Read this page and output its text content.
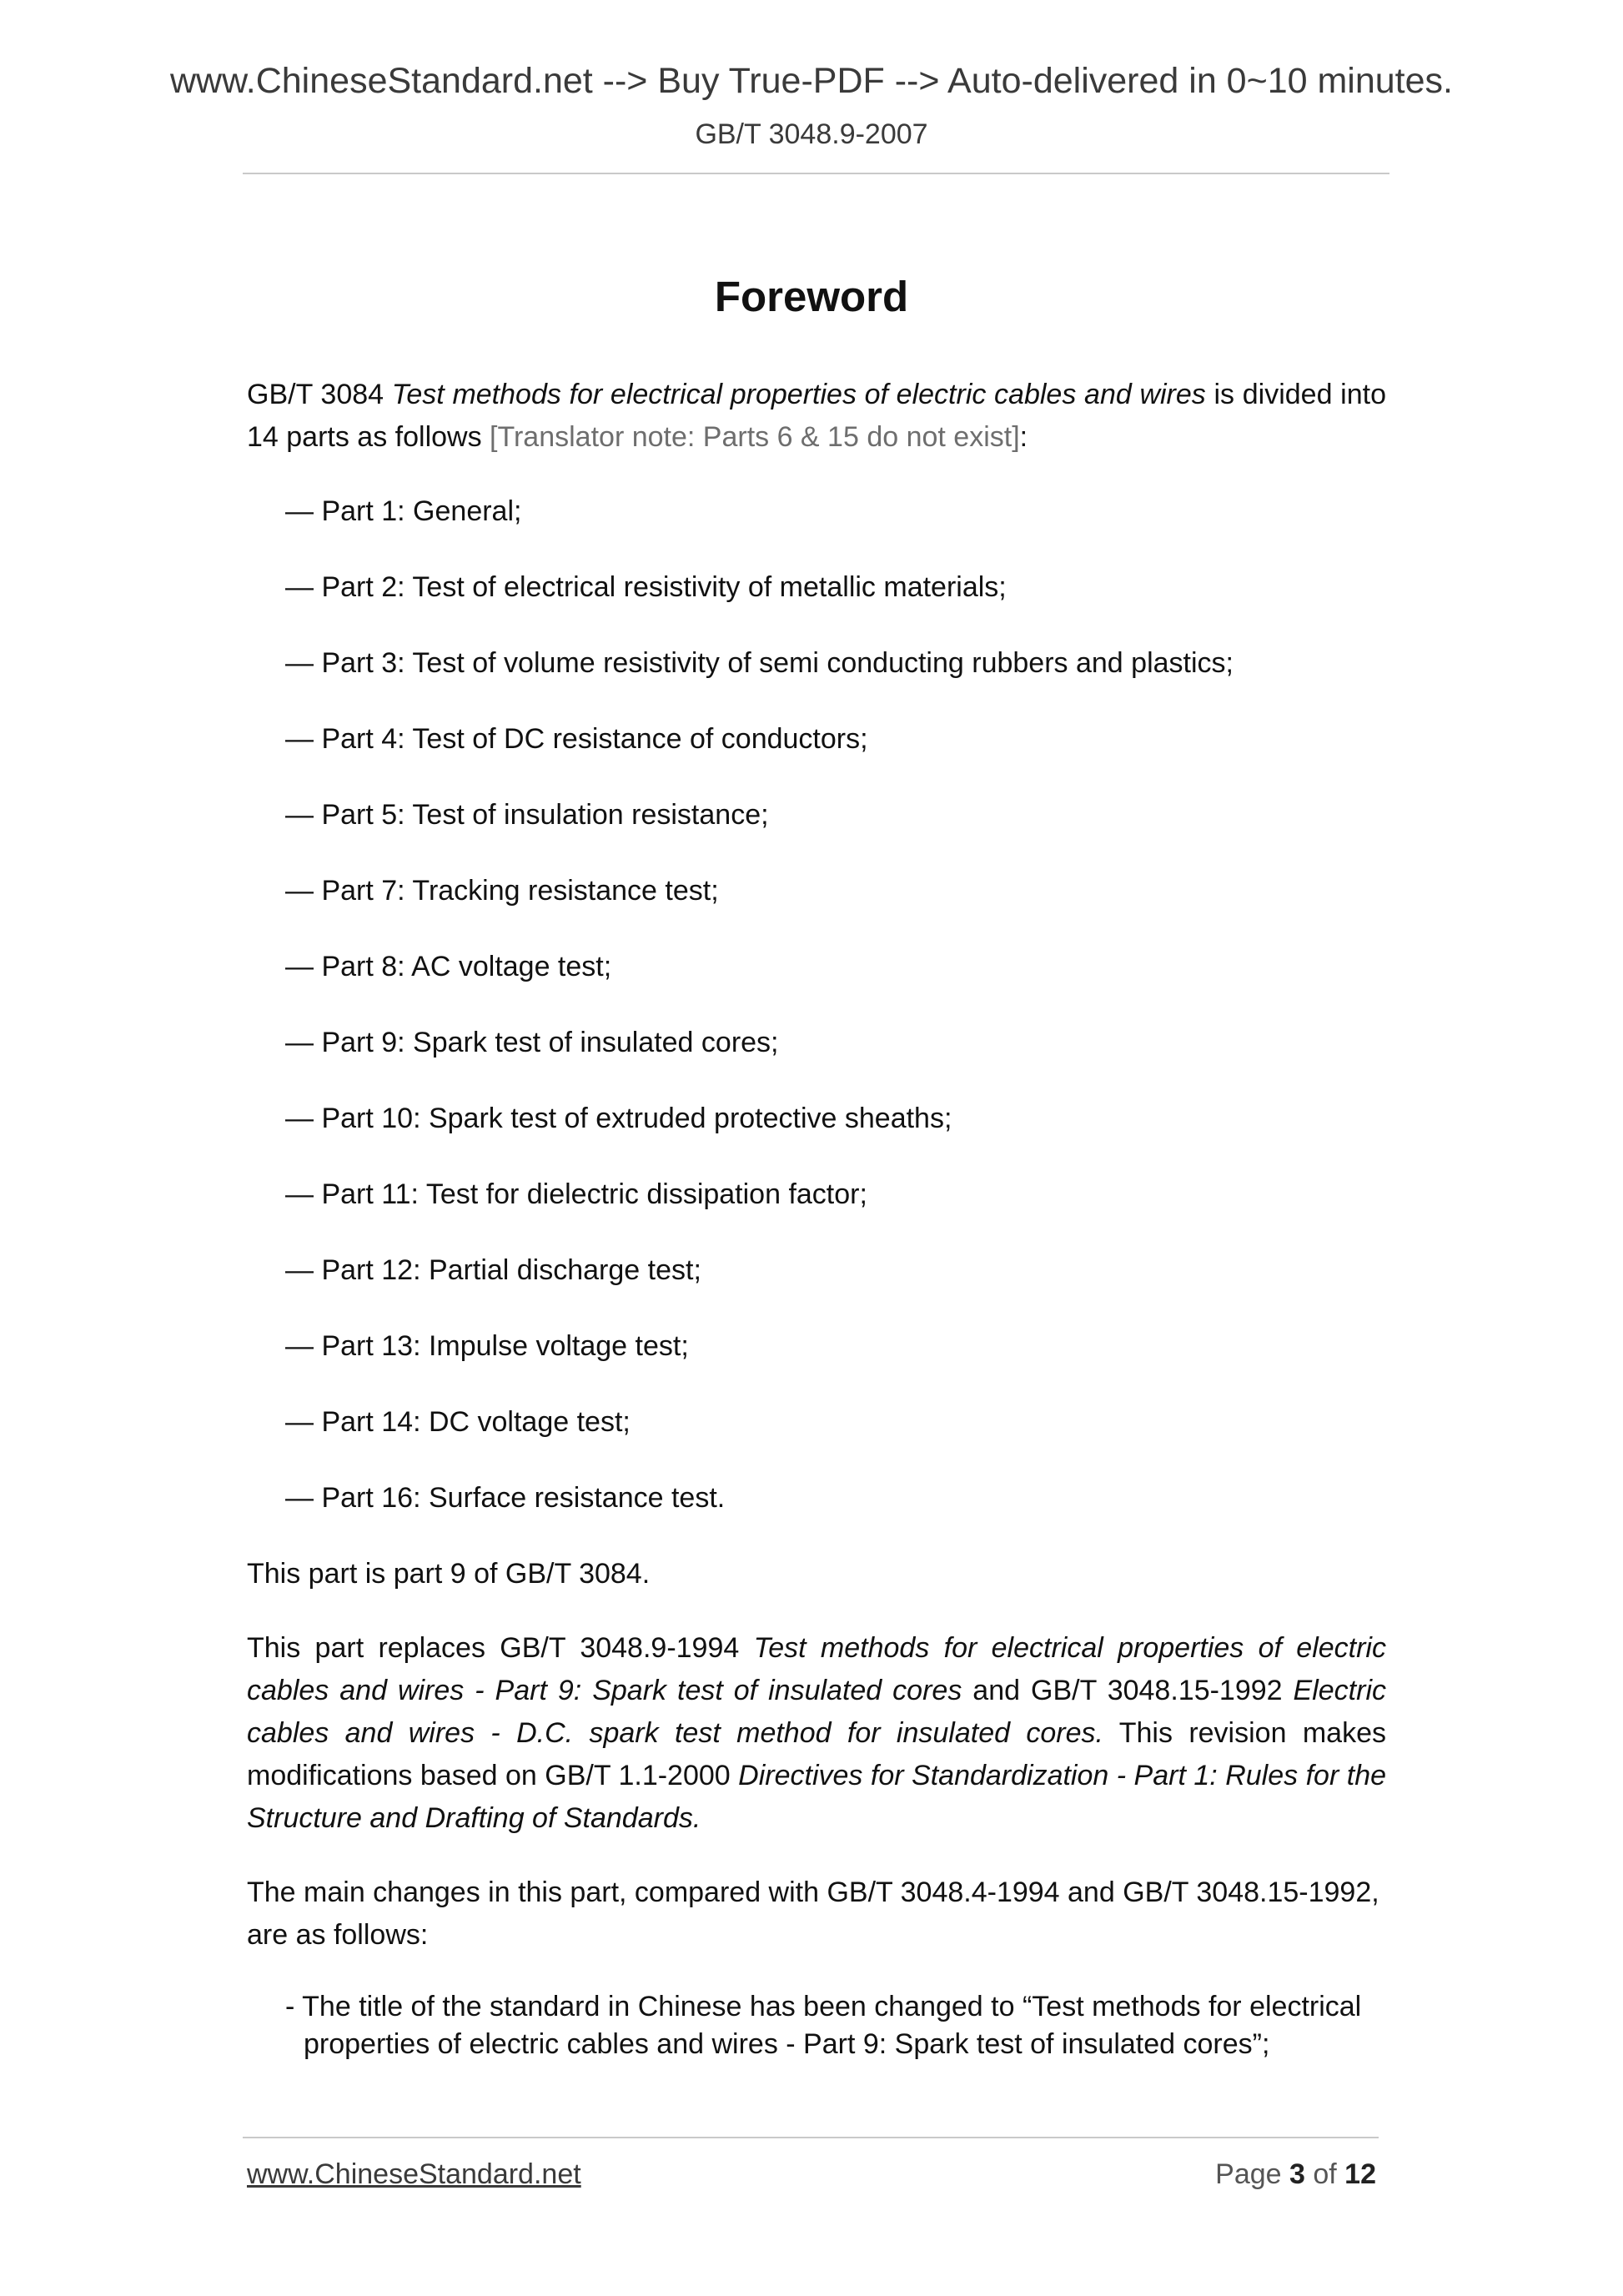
www.ChineseStandard.net --> Buy True-PDF --> Auto-delivered in 0~10 minutes.
GB/T 3048.9-2007
Foreword

GB/T 3084 Test methods for electrical properties of electric cables and wires is divided into 14 parts as follows [Translator note: Parts 6 & 15 do not exist]:

— Part 1: General;

— Part 2: Test of electrical resistivity of metallic materials;

— Part 3: Test of volume resistivity of semi conducting rubbers and plastics;

— Part 4: Test of DC resistance of conductors;

— Part 5: Test of insulation resistance;

— Part 7: Tracking resistance test;

— Part 8: AC voltage test;

— Part 9: Spark test of insulated cores;

— Part 10: Spark test of extruded protective sheaths;

— Part 11: Test for dielectric dissipation factor;

— Part 12: Partial discharge test;

— Part 13: Impulse voltage test;

— Part 14: DC voltage test;

— Part 16: Surface resistance test.

This part is part 9 of GB/T 3084.

This part replaces GB/T 3048.9-1994 Test methods for electrical properties of electric cables and wires - Part 9: Spark test of insulated cores and GB/T 3048.15-1992 Electric cables and wires - D.C. spark test method for insulated cores. This revision makes modifications based on GB/T 1.1-2000 Directives for Standardization - Part 1: Rules for the Structure and Drafting of Standards.

The main changes in this part, compared with GB/T 3048.4-1994 and GB/T 3048.15-1992, are as follows:

- The title of the standard in Chinese has been changed to “Test methods for electrical properties of electric cables and wires - Part 9: Spark test of insulated cores”;

www.ChineseStandard.net	Page 3 of 12
